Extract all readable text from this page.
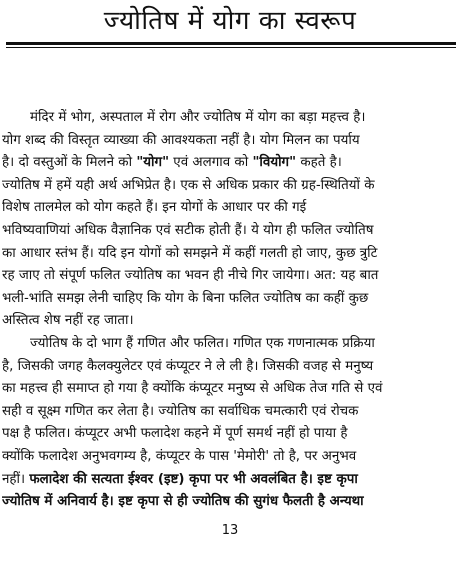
ज्योतिष में योग का स्वरूप
मंदिर में भोग, अस्पताल में रोग और ज्योतिष में योग का बड़ा महत्त्व है।
योग शब्द की विस्तृत व्याख्या की आवश्यकता नहीं है। योग मिलन का पर्याय
है। दो वस्तुओं के मिलने को "योग" एवं अलगाव को "वियोग" कहते है।
ज्योतिष में हमें यही अर्थ अभिप्रेत है। एक से अधिक प्रकार की ग्रह-स्थितियों के
विशेष तालमेल को योग कहते हैं। इन योगों के आधार पर की गई
भविष्यवाणियां अधिक वैज्ञानिक एवं सटीक होती हैं। ये योग ही फलित ज्योतिष
का आधार स्तंभ हैं। यदि इन योगों को समझने में कहीं गलती हो जाए, कुछ त्रुटि
रह जाए तो संपूर्ण फलित ज्योतिष का भवन ही नीचे गिर जायेगा। अत: यह बात
भली-भांति समझ लेनी चाहिए कि योग के बिना फलित ज्योतिष का कहीं कुछ
अस्तित्व शेष नहीं रह जाता।
ज्योतिष के दो भाग हैं गणित और फलित। गणित एक गणनात्मक प्रक्रिया
है, जिसकी जगह कैलक्युलेटर एवं कंप्यूटर ने ले ली है। जिसकी वजह से मनुष्य
का महत्त्व ही समाप्त हो गया है क्योंकि कंप्यूटर मनुष्य से अधिक तेज गति से एवं
सही व सूक्ष्म गणित कर लेता है। ज्योतिष का सर्वाधिक चमत्कारी एवं रोचक
पक्ष है फलित। कंप्यूटर अभी फलादेश कहने में पूर्ण समर्थ नहीं हो पाया है
क्योंकि फलादेश अनुभवगम्य है, कंप्यूटर के पास 'मेमोरी' तो है, पर अनुभव
नहीं। फलादेश की सत्यता ईश्वर (इष्ट) कृपा पर भी अवलंबित है। इष्ट कृपा
ज्योतिष में अनिवार्य है। इष्ट कृपा से ही ज्योतिष की सुगंध फैलती है अन्यथा
13
